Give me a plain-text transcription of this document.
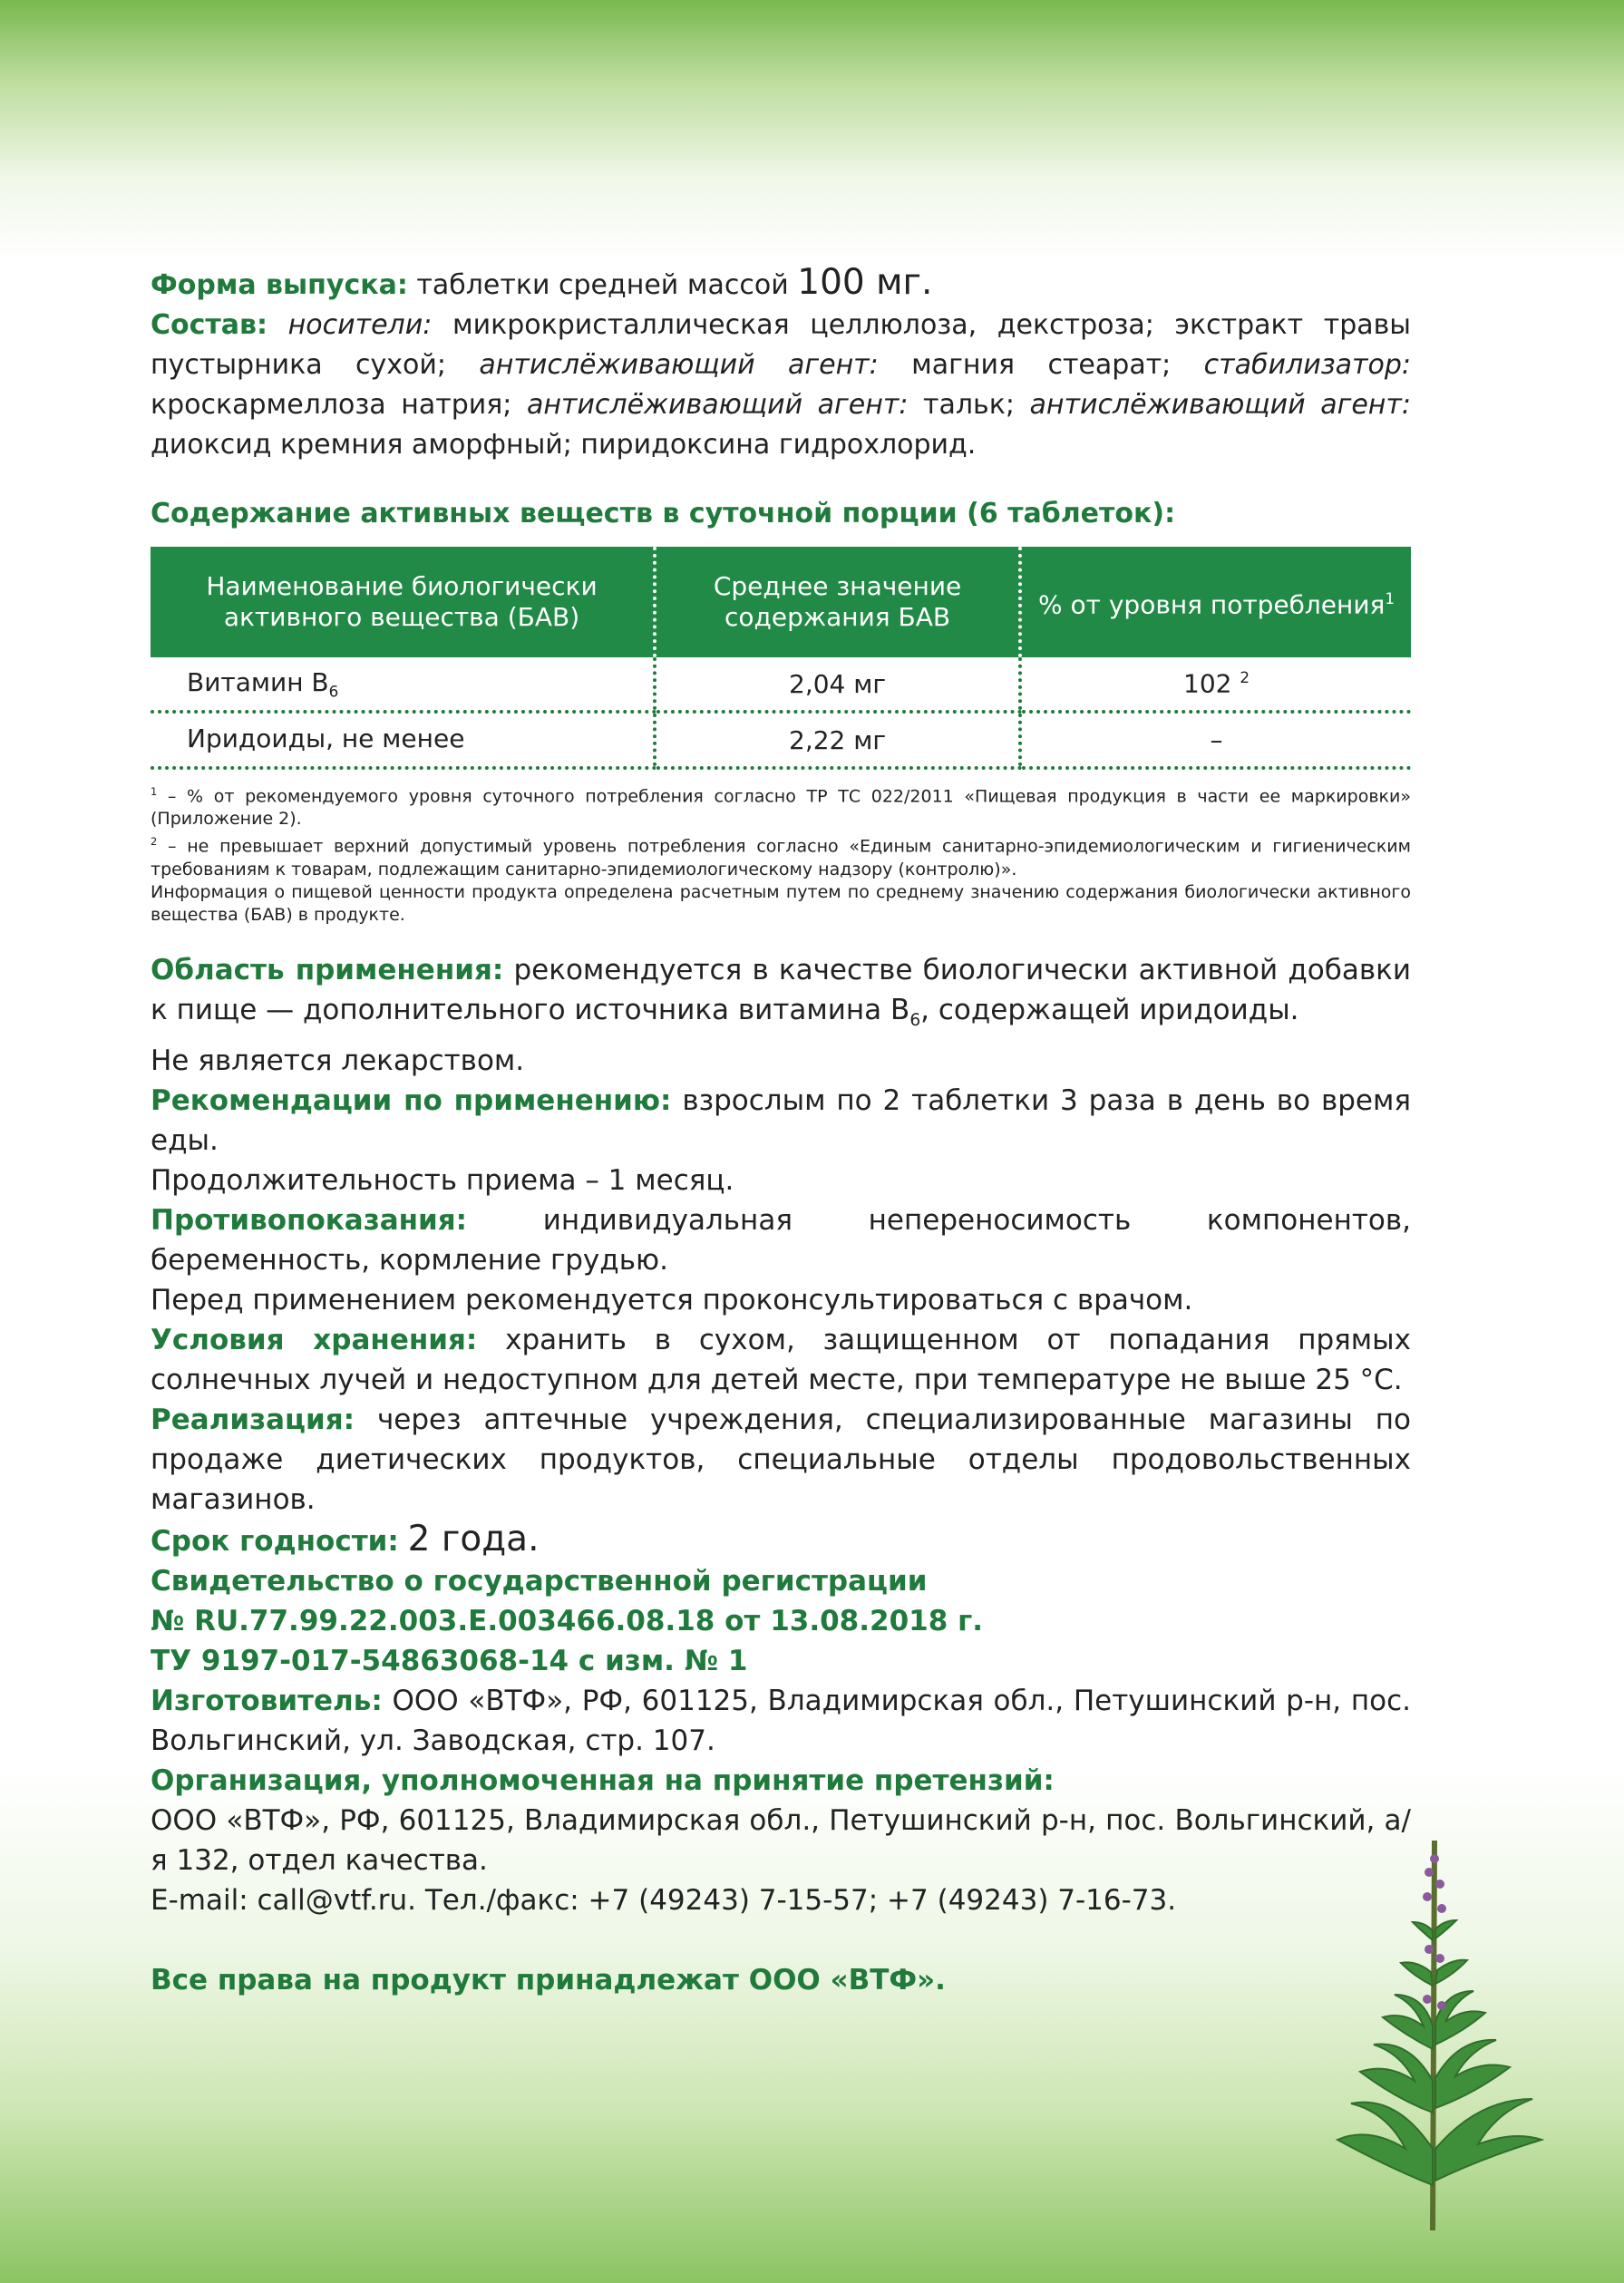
Форма выпуска: таблетки средней массой 100 мг.

Состав: носители: микрокристаллическая целлюлоза, декстроза; экстракт травы пустырника сухой; антислёживающий агент: магния стеарат; стабилизатор: кроскармеллоза натрия; антислёживающий агент: тальк; антислёживающий агент: диоксид кремния аморфный; пиридоксина гидрохлорид.

Содержание активных веществ в суточной порции (6 таблеток):

Наименование биологически активного вещества (БАВ)	Среднее значение содержания БАВ	% от уровня потребления$^1$
Витамин $B_6$	2,04 мг	102 $^2$
Иридоиды, не менее	2,22 мг	–

$^1$ – % от рекомендуемого уровня суточного потребления согласно ТР ТС 022/2011 «Пищевая продукция в части ее маркировки» (Приложение 2).

$^2$ – не превышает верхний допустимый уровень потребления согласно «Единым санитарно-эпидемиологическим и гигиеническим требованиям к товарам, подлежащим санитарно-эпидемиологическому надзору (контролю)».

Информация о пищевой ценности продукта определена расчетным путем по среднему значению содержания биологически активного вещества (БАВ) в продукте.

Область применения: рекомендуется в качестве биологически активной добавки к пище — дополнительного источника витамина $B_6$, содержащей иридоиды.

Не является лекарством.

Рекомендации по применению: взрослым по 2 таблетки 3 раза в день во время еды.

Продолжительность приема – 1 месяц.

Противопоказания:	индивидуальная непереносимость компонентов, беременность, кормление грудью.

Перед применением рекомендуется проконсультироваться с врачом.

Условия хранения: хранить в сухом, защищенном от попадания прямых солнечных лучей и недоступном для детей месте, при температуре не выше 25 °С.

Реализация: через аптечные учреждения, специализированные магазины по продаже диетических продуктов, специальные отделы продовольственных магазинов.

Срок годности: 2 года.

Свидетельство о государственной регистрации

№ RU.77.99.22.003.Е.003466.08.18 от 13.08.2018 г.

ТУ 9197-017-54863068-14 с изм. № 1

Изготовитель: ООО «ВТФ», РФ, 601125, Владимирская обл., Петушинский р-н, пос. Вольгинский, ул. Заводская, стр. 107.

Организация, уполномоченная на принятие претензий:

ООО «ВТФ», РФ, 601125, Владимирская обл., Петушинский р-н, пос. Вольгинский, а/я 132, отдел качества.

E-mail: call@vtf.ru. Тел./факс: +7 (49243) 7-15-57; +7 (49243) 7-16-73.

Все права на продукт принадлежат ООО «ВТФ».
